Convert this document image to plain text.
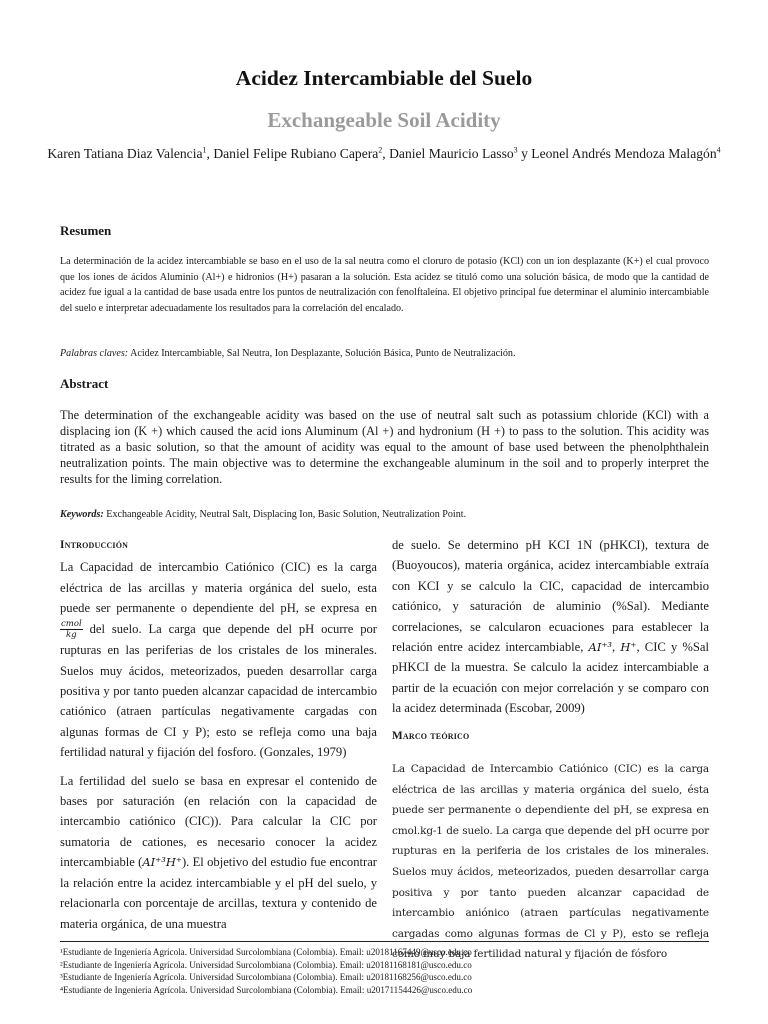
Acidez Intercambiable del Suelo
Exchangeable Soil Acidity
Karen Tatiana Diaz Valencia$^1$, Daniel Felipe Rubiano Capera$^2$, Daniel Mauricio Lasso$^3$ y Leonel Andrés Mendoza Malagón$^4$
Resumen
La determinación de la acidez intercambiable se baso en el uso de la sal neutra como el cloruro de potasio (KCl) con un ion desplazante (K+) el cual provoco que los iones de ácidos Aluminio (Al+) e hidronios (H+) pasaran a la solución. Esta acidez se tituló como una solución básica, de modo que la cantidad de acidez fue igual a la cantidad de base usada entre los puntos de neutralización con fenolftaleína. El objetivo principal fue determinar el aluminio intercambiable del suelo e interpretar adecuadamente los resultados para la correlación del encalado.
Palabras claves: Acidez Intercambiable, Sal Neutra, Ion Desplazante, Solución Básica, Punto de Neutralización.
Abstract
The determination of the exchangeable acidity was based on the use of neutral salt such as potassium chloride (KCl) with a displacing ion (K +) which caused the acid ions Aluminum (Al +) and hydronium (H +) to pass to the solution. This acidity was titrated as a basic solution, so that the amount of acidity was equal to the amount of base used between the phenolphthalein neutralization points. The main objective was to determine the exchangeable aluminum in the soil and to properly interpret the results for the liming correlation.
Keywords: Exchangeable Acidity, Neutral Salt, Displacing Ion, Basic Solution, Neutralization Point.

Introducción

La Capacidad de intercambio Catiónico (CIC) es la carga eléctrica de las arcillas y materia orgánica del suelo, esta puede ser permanente o dependiente del pH, se expresa en
$\frac{\text{cmol}}{kg}$ del suelo. La carga que depende del pH ocurre por rupturas en las periferias de los cristales de los minerales. Suelos muy ácidos, meteorizados, pueden desarrollar carga positiva y por tanto pueden alcanzar capacidad de intercambio catiónico (atraen partículas negativamente cargadas con algunas formas de CI y P); esto se refleja como una baja fertilidad natural y fijación del fosforo. (Gonzales, 1979)

La fertilidad del suelo se basa en expresar el contenido de bases por saturación (en relación con la capacidad de intercambio catiónico (CIC)). Para calcular la CIC por sumatoria de cationes, es necesario conocer la acidez intercambiable (AI⁺³H⁺). El objetivo del estudio fue encontrar la relación entre la acidez intercambiable y el pH del suelo, y relacionarla con porcentaje de arcillas, textura y contenido de materia orgánica, de una muestra

de suelo. Se determino pH KCI 1N (pHKCI), textura de (Buoyoucos), materia orgánica, acidez intercambiable extraía con KCI y se calculo la CIC, capacidad de intercambio catiónico, y saturación de aluminio (%Sal). Mediante correlaciones, se calcularon ecuaciones para establecer la relación entre acidez intercambiable, AI⁺³, H⁺, CIC y %Sal pHKCI de la muestra. Se calculo la acidez intercambiable a partir de la ecuación con mejor correlación y se comparo con la acidez determinada (Escobar, 2009)

Marco teórico

La Capacidad de Intercambio Catiónico (CIC) es la carga eléctrica de las arcillas y materia orgánica del suelo, ésta puede ser permanente o dependiente del pH, se expresa en cmol.kg-1 de suelo. La carga que depende del pH ocurre por rupturas en la periferia de los cristales de los minerales. Suelos muy ácidos, meteorizados, pueden desarrollar carga positiva y por tanto pueden alcanzar capacidad de intercambio aniónico (atraen partículas negativamente cargadas como algunas formas de Cl y P), esto se refleja como muy baja fertilidad natural y fijación de fósforo
¹Estudiante de Ingeniería Agrícola. Universidad Surcolombiana (Colombia). Email: u20181167449@usco.edu.co
²Estudiante de Ingeniería Agrícola. Universidad Surcolombiana (Colombia). Email: u20181168181@usco.edu.co
³Estudiante de Ingeniería Agrícola. Universidad Surcolombiana (Colombia). Email: u20181168256@usco.edu.co
⁴Estudiante de Ingeniería Agrícola. Universidad Surcolombiana (Colombia). Email: u20171154426@usco.edu.co
